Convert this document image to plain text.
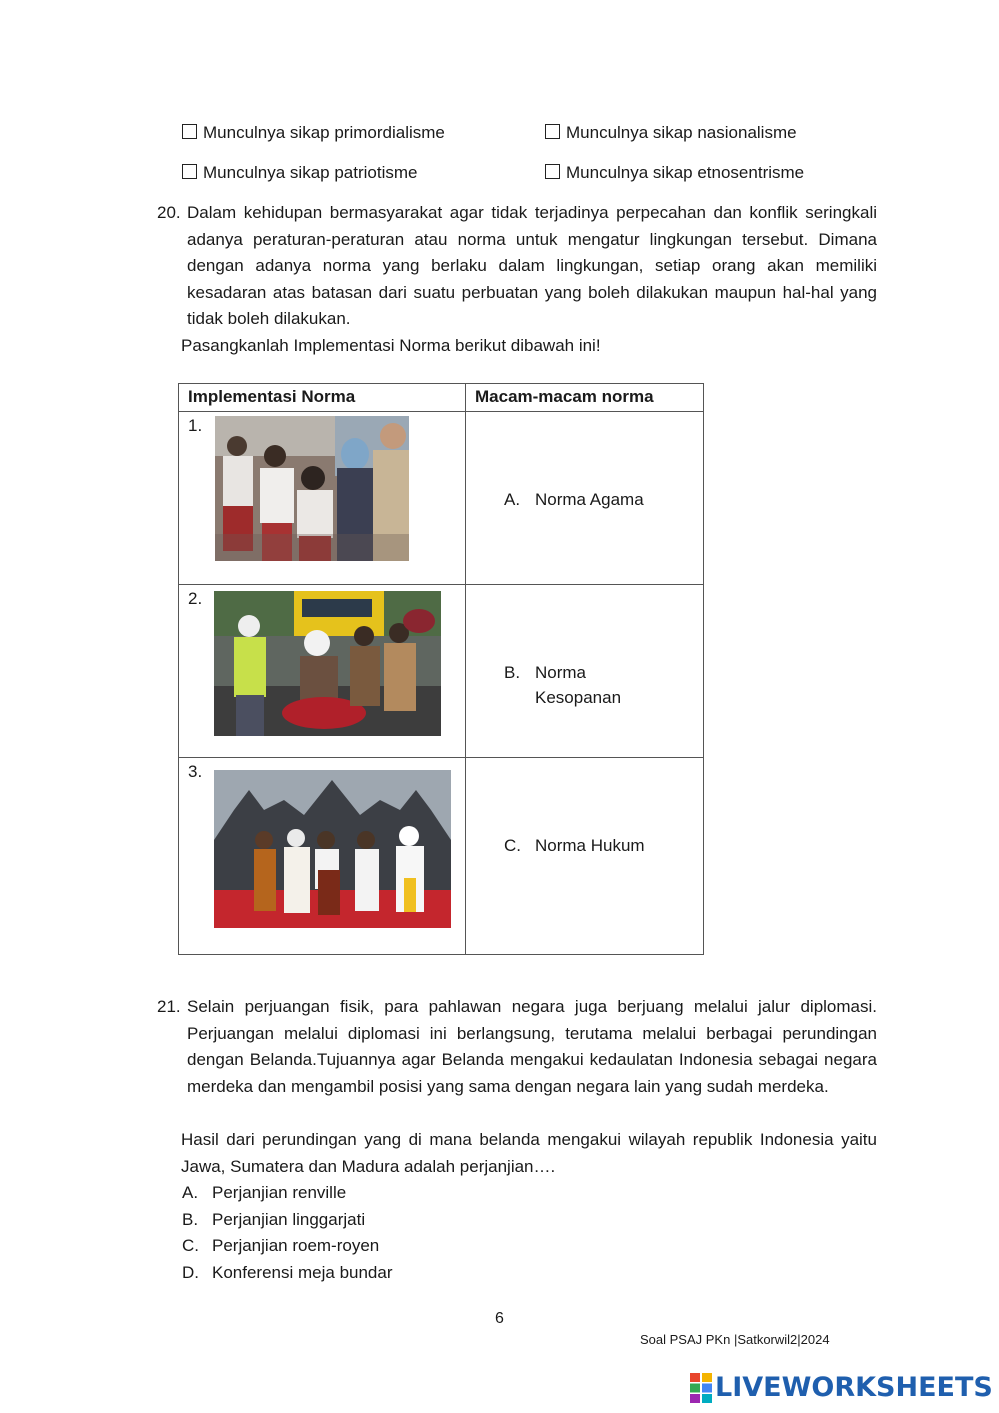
Munculnya sikap primordialisme	Munculnya sikap nasionalisme
Munculnya sikap patriotisme	Munculnya sikap etnosentrisme
20. Dalam kehidupan bermasyarakat agar tidak terjadinya perpecahan dan konflik seringkali adanya peraturan-peraturan atau norma untuk mengatur lingkungan tersebut. Dimana dengan adanya norma yang berlaku dalam lingkungan, setiap orang akan memiliki kesadaran atas batasan dari suatu perbuatan yang boleh dilakukan maupun hal-hal yang tidak boleh dilakukan.
Pasangkanlah Implementasi Norma berikut dibawah ini!
Implementasi Norma	Macam-macam norma

1.	A. Norma Agama

2.	B. Norma Kesopanan

3.	C. Norma Hukum
21. Selain perjuangan fisik, para pahlawan negara juga berjuang melalui jalur diplomasi. Perjuangan melalui diplomasi ini berlangsung, terutama melalui berbagai perundingan dengan Belanda.Tujuannya agar Belanda mengakui kedaulatan Indonesia sebagai negara merdeka dan mengambil posisi yang sama dengan negara lain yang sudah merdeka.
Hasil dari perundingan yang di mana belanda mengakui wilayah republik Indonesia yaitu Jawa, Sumatera dan Madura adalah perjanjian….
A. Perjanjian renville
B. Perjanjian linggarjati
C. Perjanjian roem-royen
D. Konferensi meja bundar
6
Soal PSAJ PKn |Satkorwil2|2024
LIVEWORKSHEETS
